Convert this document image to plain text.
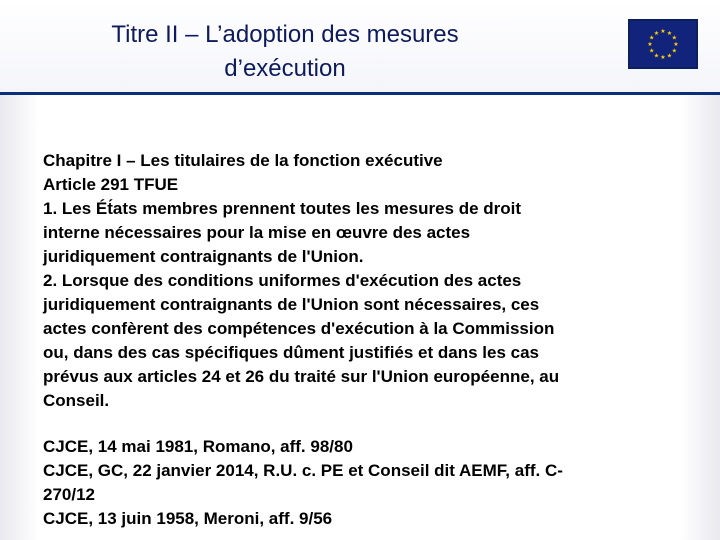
Titre II – L’adoption des mesures
d’exécution
★ ★
★
★
★
★
★
★
★
★
★
★

Chapitre I – Les titulaires de la fonction exécutive

Article 291 TFUE

1. Les Ét́ats membres prennent toutes les mesures de droit

interne nécessaires pour la mise en œuvre des actes

juridiquement contraignants de l'Union.

2. Lorsque des conditions uniformes d'exécution des actes

juridiquement contraignants de l'Union sont nécessaires, ces

actes confèrent des compétences d'exécution à la Commission

ou, dans des cas spécifiques dûment justifiés et dans les cas

prévus aux articles 24 et 26 du traité sur l'Union européenne, au

Conseil.

CJCE, 14 mai 1981, Romano, aff. 98/80

CJCE, GC, 22 janvier 2014, R.U. c. PE et Conseil dit AEMF, aff. C-

270/12

CJCE, 13 juin 1958, Meroni, aff. 9/56
